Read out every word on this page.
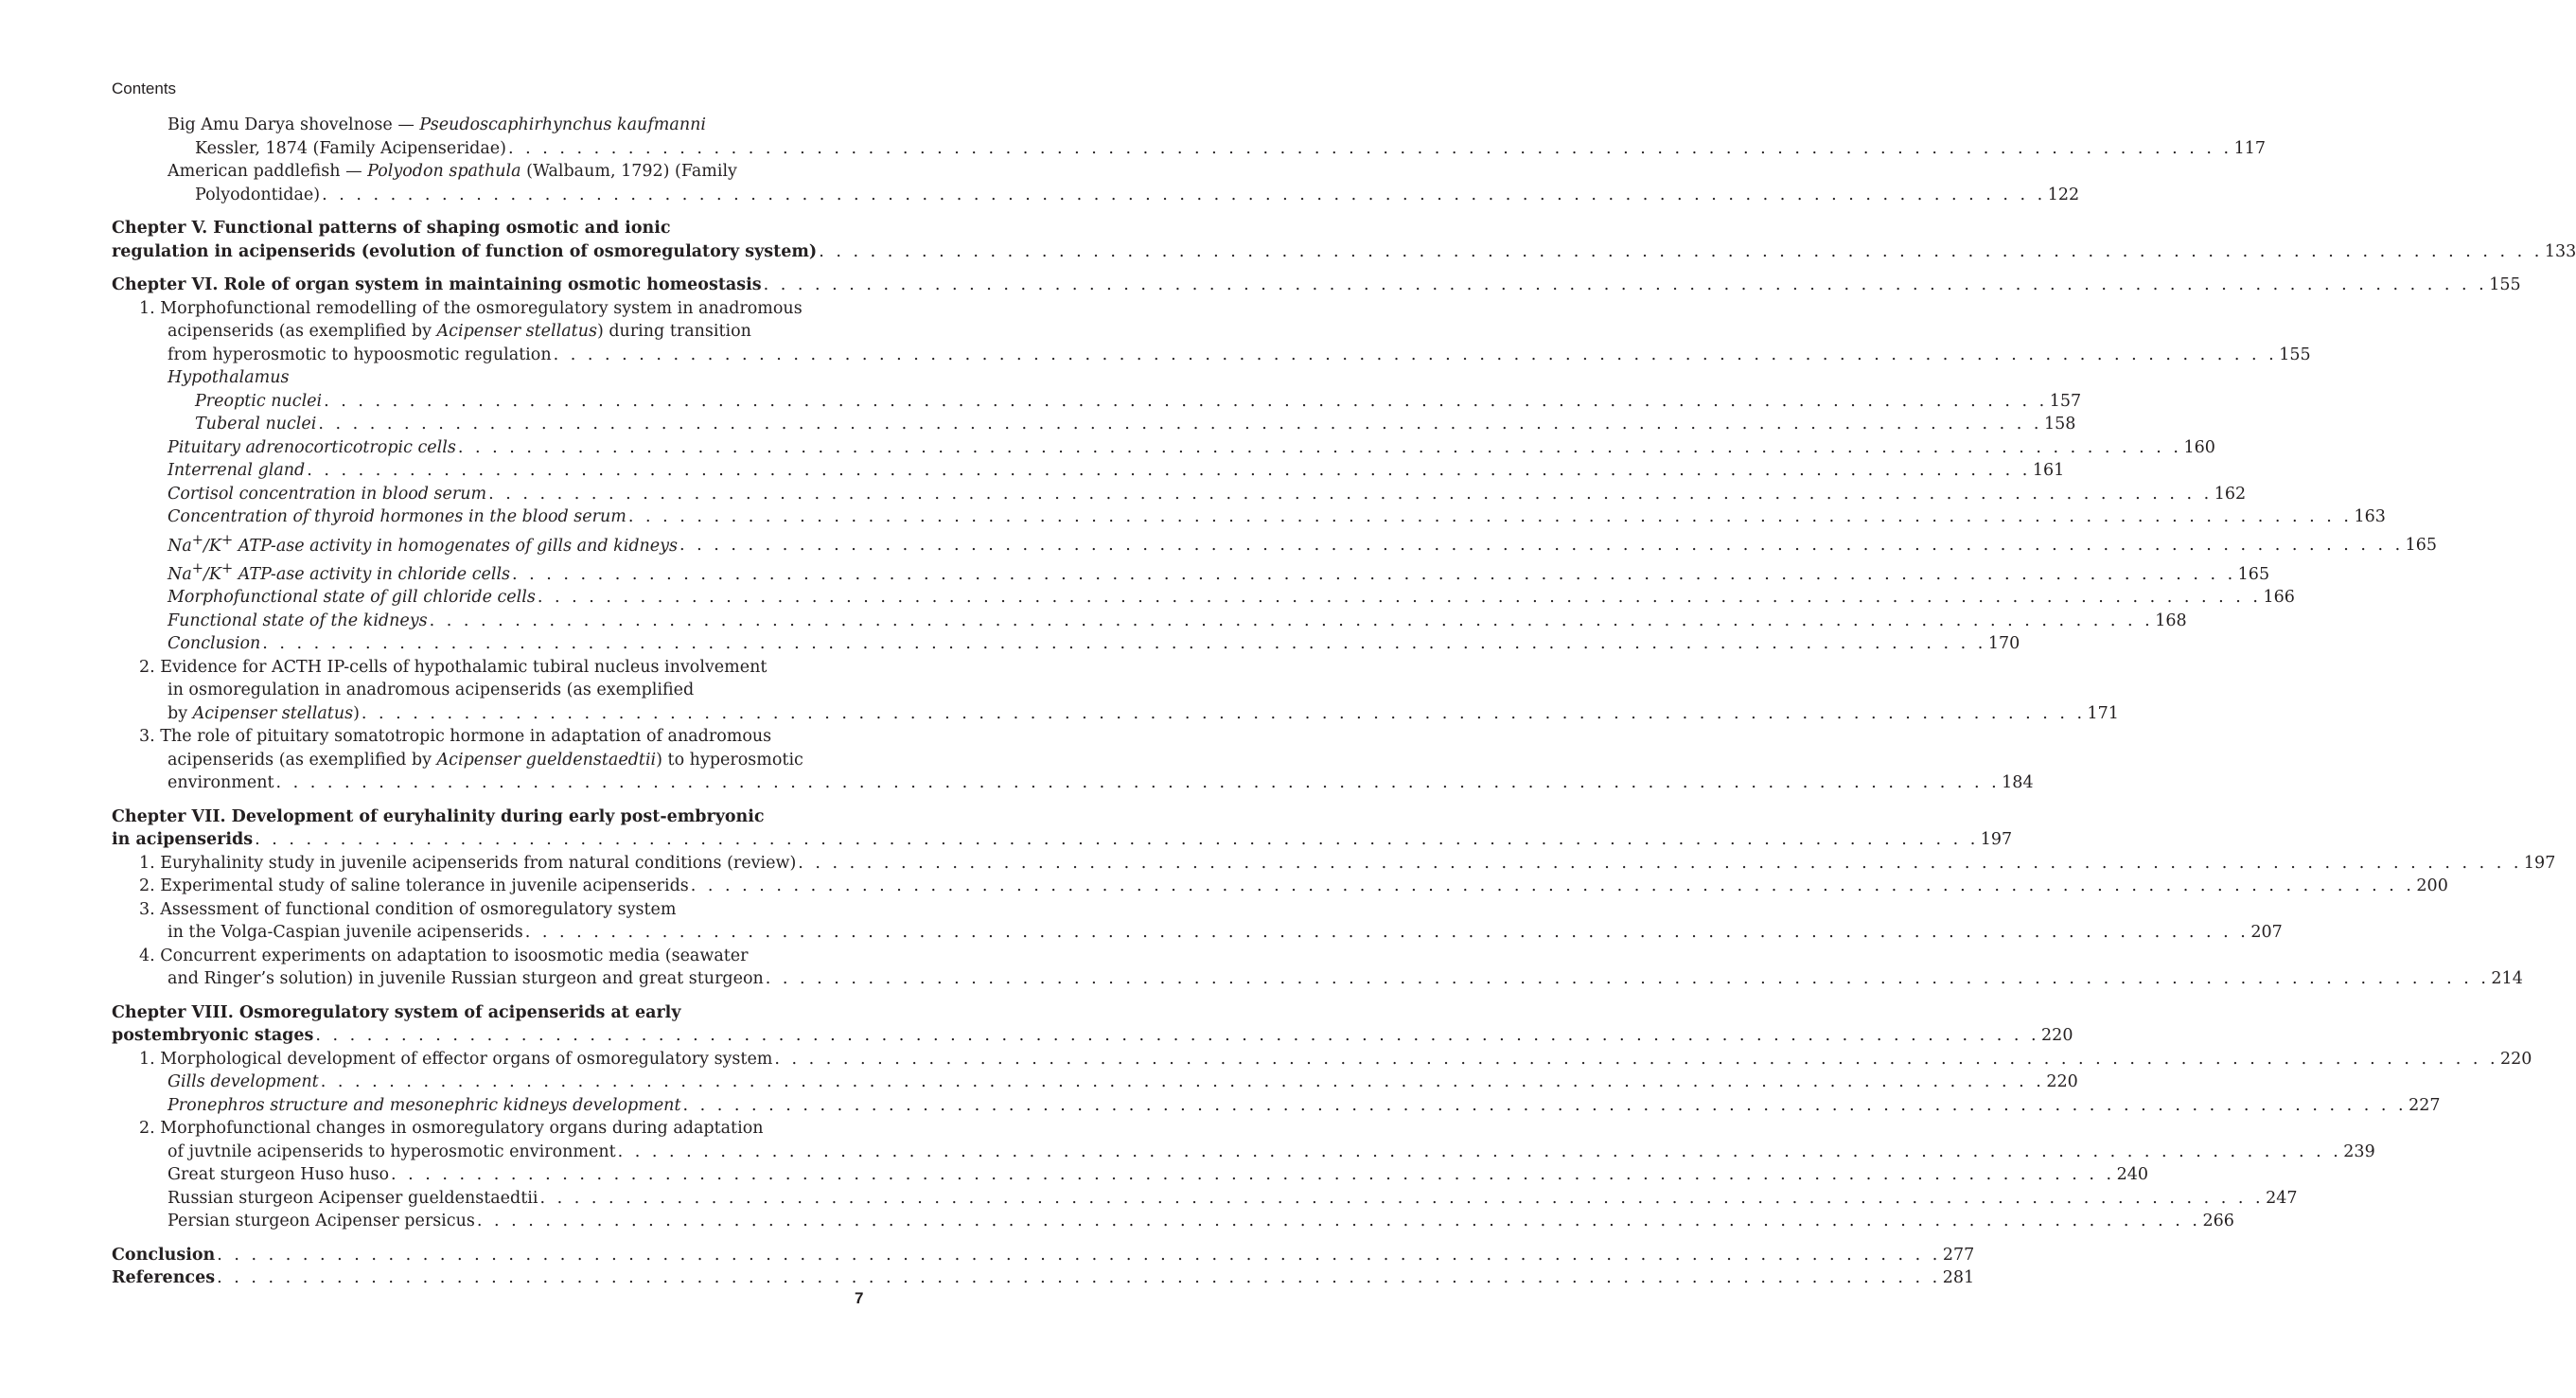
Contents
Big Amu Darya shovelnose — Pseudoscaphirhynchus kaufmanni
Kessler, 1874 (Family Acipenseridae) . . . . . . . . . . . . . . . . . . . . . . . . . . . . . . . . . . . . . . . . . . . . . . . . . . . . . . . . . . . . . . . . . . . . . . . . . . . . . . . . . . . . . . . . . . . . . . . . . . . . . 117
American paddlefish — Polyodon spathula (Walbaum, 1792) (Family
Polyodontidae) . . . . . . . . . . . . . . . . . . . . . . . . . . . . . . . . . . . . . . . . . . . . . . . . . . . . . . . . . . . . . . . . . . . . . . . . . . . . . . . . . . . . . . . . . . . . . . . . . . . . . 122
Chepter V. Functional patterns of shaping osmotic and ionic
regulation in acipenserids (evolution of function of osmoregulatory system) . . . . . . . . . . . . . . . . . . . . . . . . . . . . . . . . . . . . . . . . . . . . . . . . . . . . . . . . . . . . . . . . . . . . . . . . . . . . . . . . . . . . . . . . . . . . . . . . . . . . . 133
Chepter VI. Role of organ system in maintaining osmotic homeostasis . . . . . . . . . . . . . . . . . . . . . . . . . . . . . . . . . . . . . . . . . . . . . . . . . . . . . . . . . . . . . . . . . . . . . . . . . . . . . . . . . . . . . . . . . . . . . . . . . . . . . 155
1. Morphofunctional remodelling of the osmoregulatory system in anadromous
acipenserids (as exemplified by Acipenser stellatus) during transition
from hyperosmotic to hypoosmotic regulation . . . . . . . . . . . . . . . . . . . . . . . . . . . . . . . . . . . . . . . . . . . . . . . . . . . . . . . . . . . . . . . . . . . . . . . . . . . . . . . . . . . . . . . . . . . . . . . . . . . . . 155
Hypothalamus
Preoptic nuclei . . . . . . . . . . . . . . . . . . . . . . . . . . . . . . . . . . . . . . . . . . . . . . . . . . . . . . . . . . . . . . . . . . . . . . . . . . . . . . . . . . . . . . . . . . . . . . . . . . . . . 157
Tuberal nuclei . . . . . . . . . . . . . . . . . . . . . . . . . . . . . . . . . . . . . . . . . . . . . . . . . . . . . . . . . . . . . . . . . . . . . . . . . . . . . . . . . . . . . . . . . . . . . . . . . . . . . 158
Pituitary adrenocorticotropic cells . . . . . . . . . . . . . . . . . . . . . . . . . . . . . . . . . . . . . . . . . . . . . . . . . . . . . . . . . . . . . . . . . . . . . . . . . . . . . . . . . . . . . . . . . . . . . . . . . . . . . 160
Interrenal gland . . . . . . . . . . . . . . . . . . . . . . . . . . . . . . . . . . . . . . . . . . . . . . . . . . . . . . . . . . . . . . . . . . . . . . . . . . . . . . . . . . . . . . . . . . . . . . . . . . . . . 161
Cortisol concentration in blood serum . . . . . . . . . . . . . . . . . . . . . . . . . . . . . . . . . . . . . . . . . . . . . . . . . . . . . . . . . . . . . . . . . . . . . . . . . . . . . . . . . . . . . . . . . . . . . . . . . . . . . 162
Concentration of thyroid hormones in the blood serum . . . . . . . . . . . . . . . . . . . . . . . . . . . . . . . . . . . . . . . . . . . . . . . . . . . . . . . . . . . . . . . . . . . . . . . . . . . . . . . . . . . . . . . . . . . . . . . . . . . . . 163
Na+/K+ ATP-ase activity in homogenates of gills and kidneys . . . . . . . . . . . . . . . . . . . . . . . . . . . . . . . . . . . . . . . . . . . . . . . . . . . . . . . . . . . . . . . . . . . . . . . . . . . . . . . . . . . . . . . . . . . . . . . . . . . . . 165
Na+/K+ ATP-ase activity in chloride cells . . . . . . . . . . . . . . . . . . . . . . . . . . . . . . . . . . . . . . . . . . . . . . . . . . . . . . . . . . . . . . . . . . . . . . . . . . . . . . . . . . . . . . . . . . . . . . . . . . . . . 165
Morphofunctional state of gill chloride cells . . . . . . . . . . . . . . . . . . . . . . . . . . . . . . . . . . . . . . . . . . . . . . . . . . . . . . . . . . . . . . . . . . . . . . . . . . . . . . . . . . . . . . . . . . . . . . . . . . . . . 166
Functional state of the kidneys . . . . . . . . . . . . . . . . . . . . . . . . . . . . . . . . . . . . . . . . . . . . . . . . . . . . . . . . . . . . . . . . . . . . . . . . . . . . . . . . . . . . . . . . . . . . . . . . . . . . . 168
Conclusion . . . . . . . . . . . . . . . . . . . . . . . . . . . . . . . . . . . . . . . . . . . . . . . . . . . . . . . . . . . . . . . . . . . . . . . . . . . . . . . . . . . . . . . . . . . . . . . . . . . . . 170
2. Evidence for ACTH IP-cells of hypothalamic tubiral nucleus involvement
in osmoregulation in anadromous acipenserids (as exemplified
by Acipenser stellatus) . . . . . . . . . . . . . . . . . . . . . . . . . . . . . . . . . . . . . . . . . . . . . . . . . . . . . . . . . . . . . . . . . . . . . . . . . . . . . . . . . . . . . . . . . . . . . . . . . . . . . 171
3. The role of pituitary somatotropic hormone in adaptation of anadromous
acipenserids (as exemplified by Acipenser gueldenstaedtii) to hyperosmotic
environment . . . . . . . . . . . . . . . . . . . . . . . . . . . . . . . . . . . . . . . . . . . . . . . . . . . . . . . . . . . . . . . . . . . . . . . . . . . . . . . . . . . . . . . . . . . . . . . . . . . . . 184
Chepter VII. Development of euryhalinity during early post-embryonic
in acipenserids . . . . . . . . . . . . . . . . . . . . . . . . . . . . . . . . . . . . . . . . . . . . . . . . . . . . . . . . . . . . . . . . . . . . . . . . . . . . . . . . . . . . . . . . . . . . . . . . . . . . . 197
1. Euryhalinity study in juvenile acipenserids from natural conditions (review) . . . . . . . . . . . . . . . . . . . . . . . . . . . . . . . . . . . . . . . . . . . . . . . . . . . . . . . . . . . . . . . . . . . . . . . . . . . . . . . . . . . . . . . . . . . . . . . . . . . . . 197
2. Experimental study of saline tolerance in juvenile acipenserids . . . . . . . . . . . . . . . . . . . . . . . . . . . . . . . . . . . . . . . . . . . . . . . . . . . . . . . . . . . . . . . . . . . . . . . . . . . . . . . . . . . . . . . . . . . . . . . . . . . . . 200
3. Assessment of functional condition of osmoregulatory system
in the Volga-Caspian juvenile acipenserids . . . . . . . . . . . . . . . . . . . . . . . . . . . . . . . . . . . . . . . . . . . . . . . . . . . . . . . . . . . . . . . . . . . . . . . . . . . . . . . . . . . . . . . . . . . . . . . . . . . . . 207
4. Concurrent experiments on adaptation to isoosmotic media (seawater
and Ringer’s solution) in juvenile Russian sturgeon and great sturgeon . . . . . . . . . . . . . . . . . . . . . . . . . . . . . . . . . . . . . . . . . . . . . . . . . . . . . . . . . . . . . . . . . . . . . . . . . . . . . . . . . . . . . . . . . . . . . . . . . . . . . 214
Chepter VIII. Osmoregulatory system of acipenserids at early
postembryonic stages . . . . . . . . . . . . . . . . . . . . . . . . . . . . . . . . . . . . . . . . . . . . . . . . . . . . . . . . . . . . . . . . . . . . . . . . . . . . . . . . . . . . . . . . . . . . . . . . . . . . . 220
1. Morphological development of effector organs of osmoregulatory system . . . . . . . . . . . . . . . . . . . . . . . . . . . . . . . . . . . . . . . . . . . . . . . . . . . . . . . . . . . . . . . . . . . . . . . . . . . . . . . . . . . . . . . . . . . . . . . . . . . . . 220
Gills development . . . . . . . . . . . . . . . . . . . . . . . . . . . . . . . . . . . . . . . . . . . . . . . . . . . . . . . . . . . . . . . . . . . . . . . . . . . . . . . . . . . . . . . . . . . . . . . . . . . . . 220
Pronephros structure and mesonephric kidneys development . . . . . . . . . . . . . . . . . . . . . . . . . . . . . . . . . . . . . . . . . . . . . . . . . . . . . . . . . . . . . . . . . . . . . . . . . . . . . . . . . . . . . . . . . . . . . . . . . . . . . 227
2. Morphofunctional changes in osmoregulatory organs during adaptation
of juvtnile acipenserids to hyperosmotic environment . . . . . . . . . . . . . . . . . . . . . . . . . . . . . . . . . . . . . . . . . . . . . . . . . . . . . . . . . . . . . . . . . . . . . . . . . . . . . . . . . . . . . . . . . . . . . . . . . . . . . 239
Great sturgeon Huso huso . . . . . . . . . . . . . . . . . . . . . . . . . . . . . . . . . . . . . . . . . . . . . . . . . . . . . . . . . . . . . . . . . . . . . . . . . . . . . . . . . . . . . . . . . . . . . . . . . . . . . 240
Russian sturgeon Acipenser gueldenstaedtii . . . . . . . . . . . . . . . . . . . . . . . . . . . . . . . . . . . . . . . . . . . . . . . . . . . . . . . . . . . . . . . . . . . . . . . . . . . . . . . . . . . . . . . . . . . . . . . . . . . . . 247
Persian sturgeon Acipenser persicus . . . . . . . . . . . . . . . . . . . . . . . . . . . . . . . . . . . . . . . . . . . . . . . . . . . . . . . . . . . . . . . . . . . . . . . . . . . . . . . . . . . . . . . . . . . . . . . . . . . . . 266
Conclusion . . . . . . . . . . . . . . . . . . . . . . . . . . . . . . . . . . . . . . . . . . . . . . . . . . . . . . . . . . . . . . . . . . . . . . . . . . . . . . . . . . . . . . . . . . . . . . . . . . . . . 277
References . . . . . . . . . . . . . . . . . . . . . . . . . . . . . . . . . . . . . . . . . . . . . . . . . . . . . . . . . . . . . . . . . . . . . . . . . . . . . . . . . . . . . . . . . . . . . . . . . . . . . 281
7
